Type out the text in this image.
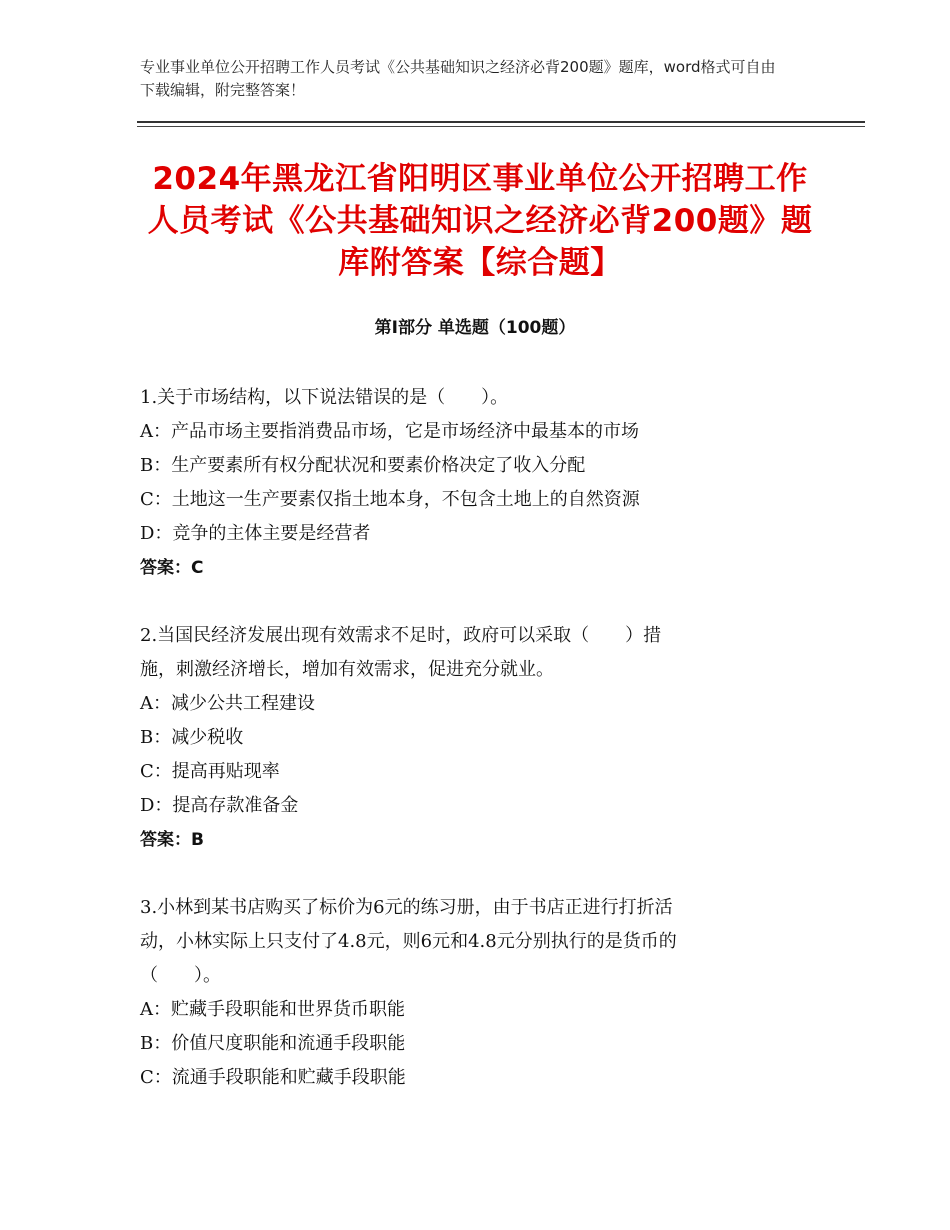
专业事业单位公开招聘工作人员考试《公共基础知识之经济必背200题》题库，word格式可自由下载编辑，附完整答案！
2024年黑龙江省阳明区事业单位公开招聘工作人员考试《公共基础知识之经济必背200题》题库附答案【综合题】
第Ⅰ部分 单选题（100题）
1.关于市场结构，以下说法错误的是（　　）。
A：产品市场主要指消费品市场，它是市场经济中最基本的市场
B：生产要素所有权分配状况和要素价格决定了收入分配
C：土地这一生产要素仅指土地本身，不包含土地上的自然资源
D：竞争的主体主要是经营者
答案：C
2.当国民经济发展出现有效需求不足时，政府可以采取（　　）措
施，刺激经济增长，增加有效需求，促进充分就业。
A：减少公共工程建设
B：减少税收
C：提高再贴现率
D：提高存款准备金
答案：B
3.小林到某书店购买了标价为6元的练习册，由于书店正进行打折活
动，小林实际上只支付了4.8元，则6元和4.8元分别执行的是货币的
（　　）。
A：贮藏手段职能和世界货币职能
B：价值尺度职能和流通手段职能
C：流通手段职能和贮藏手段职能
